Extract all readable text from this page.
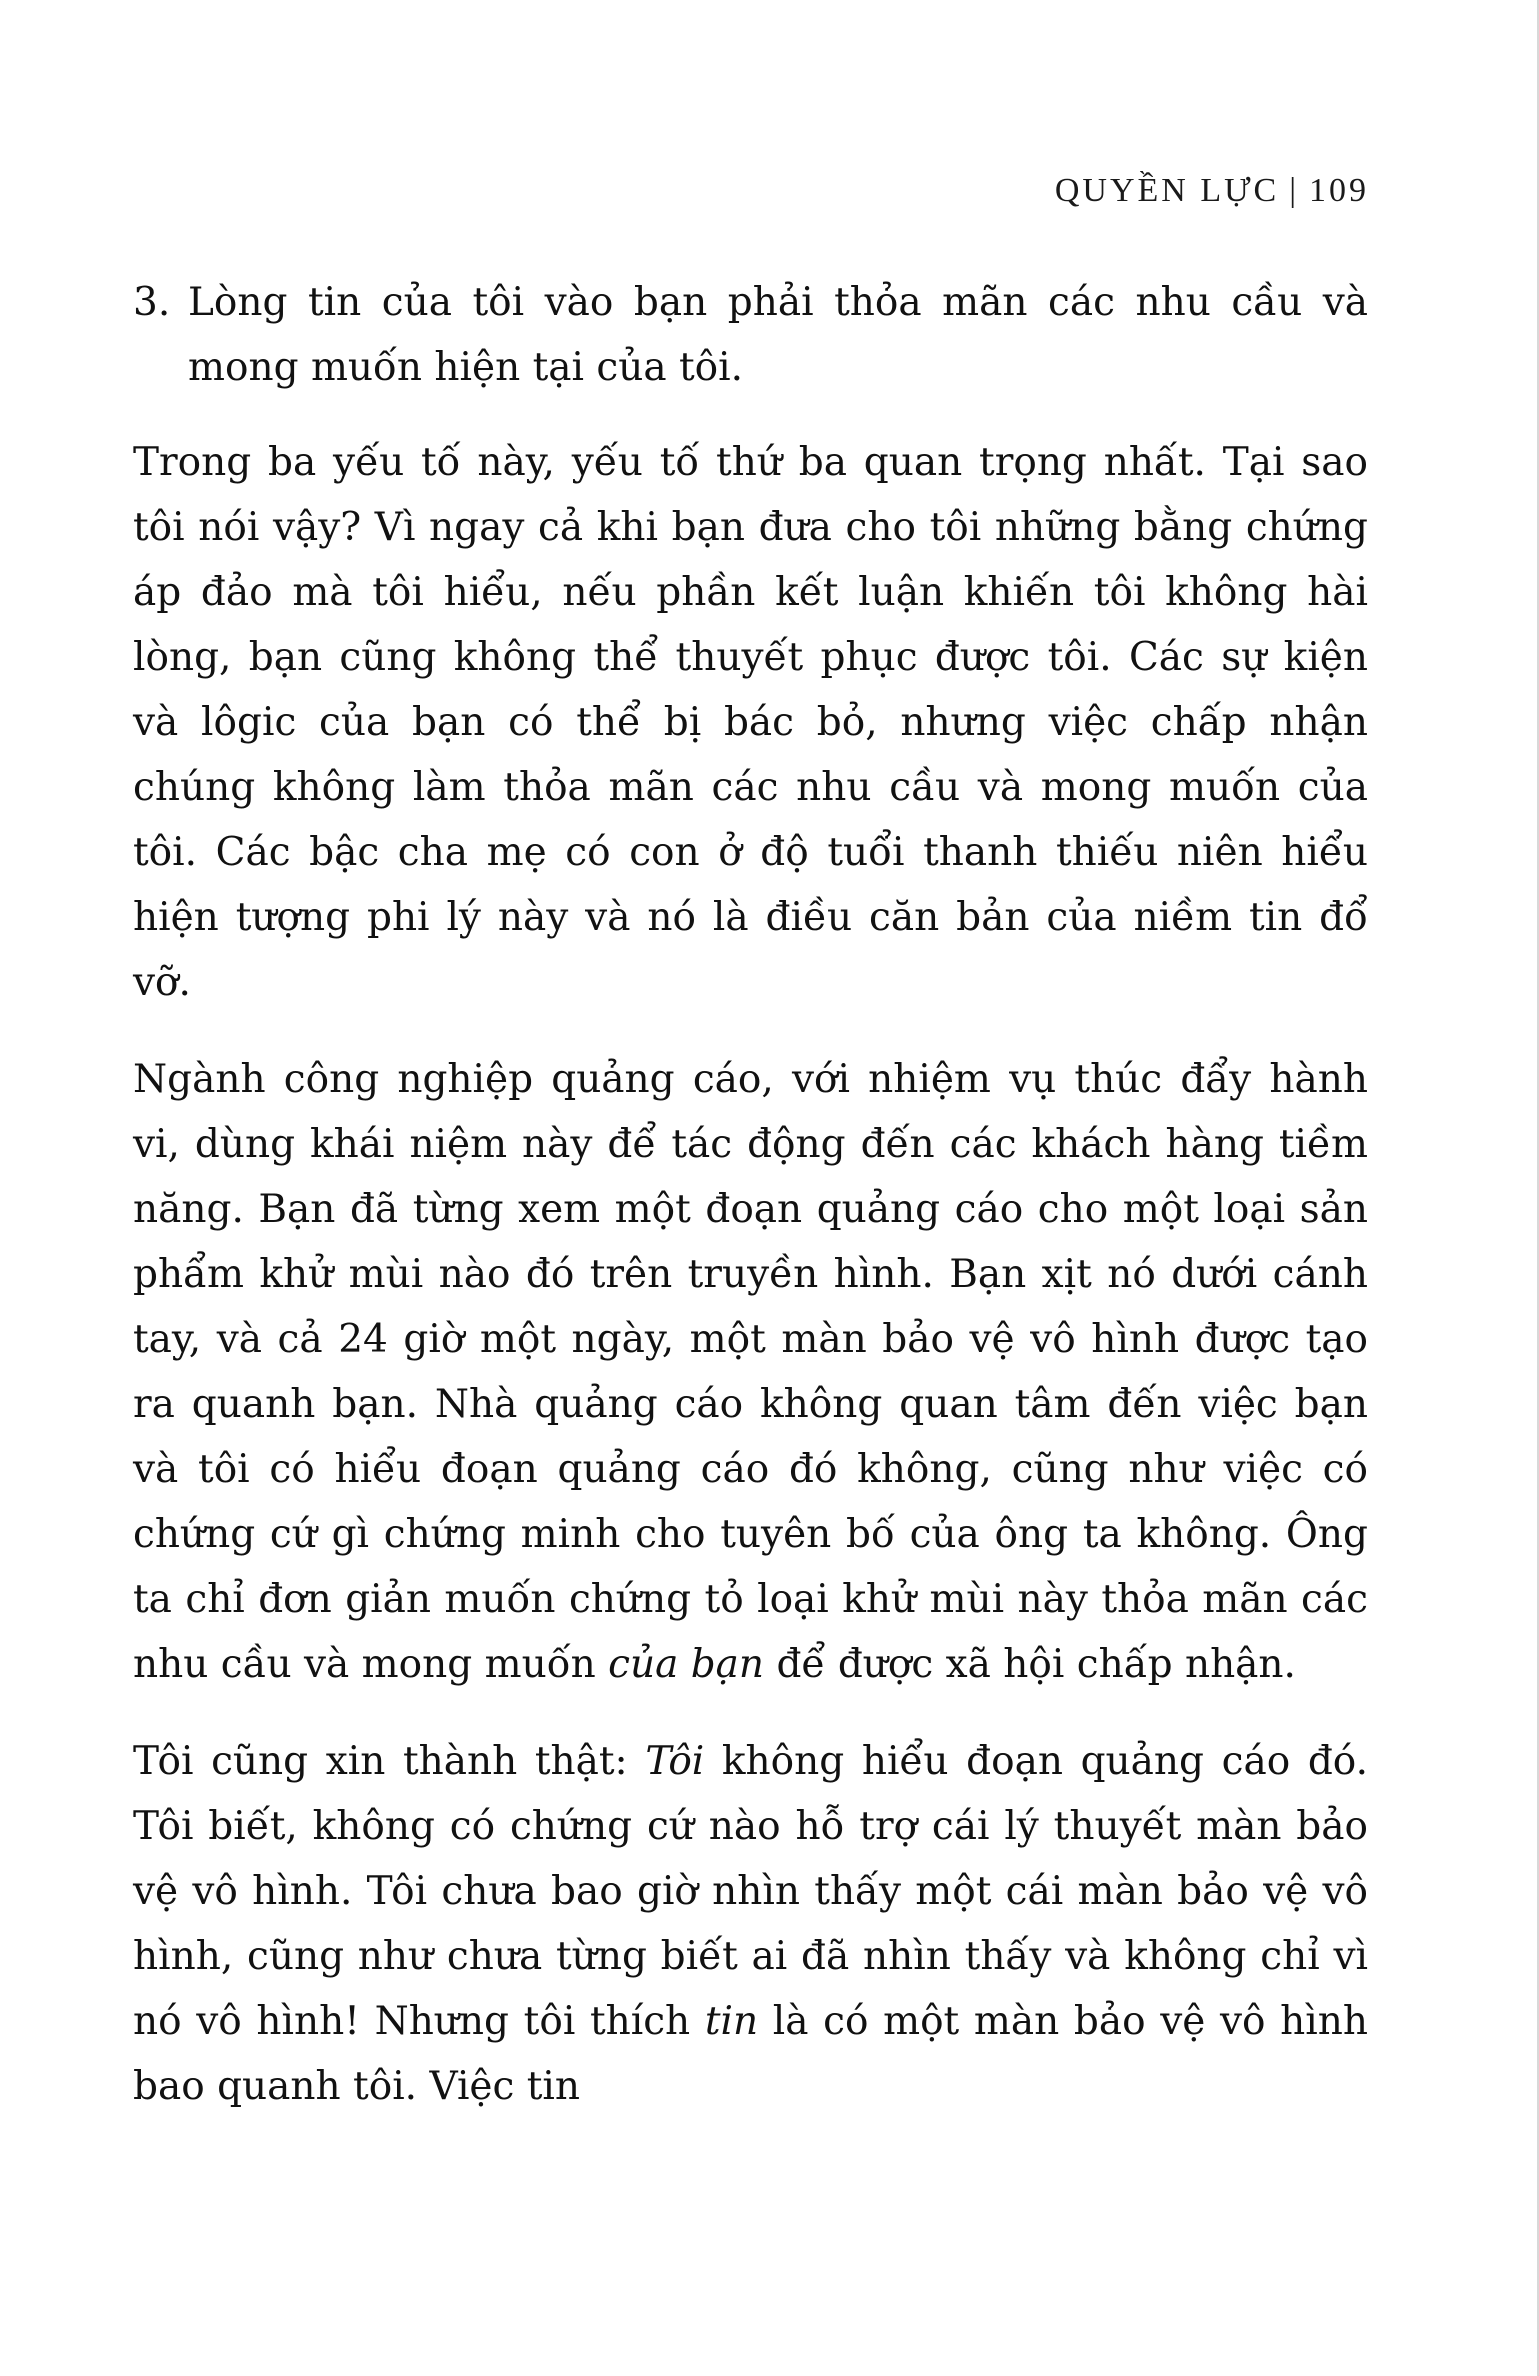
QUYỀN LỰC | 109
3. Lòng tin của tôi vào bạn phải thỏa mãn các nhu cầu và mong muốn hiện tại của tôi.

Trong ba yếu tố này, yếu tố thứ ba quan trọng nhất. Tại sao tôi nói vậy? Vì ngay cả khi bạn đưa cho tôi những bằng chứng áp đảo mà tôi hiểu, nếu phần kết luận khiến tôi không hài lòng, bạn cũng không thể thuyết phục được tôi. Các sự kiện và lôgic của bạn có thể bị bác bỏ, nhưng việc chấp nhận chúng không làm thỏa mãn các nhu cầu và mong muốn của tôi. Các bậc cha mẹ có con ở độ tuổi thanh thiếu niên hiểu hiện tượng phi lý này và nó là điều căn bản của niềm tin đổ vỡ.

Ngành công nghiệp quảng cáo, với nhiệm vụ thúc đẩy hành vi, dùng khái niệm này để tác động đến các khách hàng tiềm năng. Bạn đã từng xem một đoạn quảng cáo cho một loại sản phẩm khử mùi nào đó trên truyền hình. Bạn xịt nó dưới cánh tay, và cả 24 giờ một ngày, một màn bảo vệ vô hình được tạo ra quanh bạn. Nhà quảng cáo không quan tâm đến việc bạn và tôi có hiểu đoạn quảng cáo đó không, cũng như việc có chứng cứ gì chứng minh cho tuyên bố của ông ta không. Ông ta chỉ đơn giản muốn chứng tỏ loại khử mùi này thỏa mãn các nhu cầu và mong muốn của bạn để được xã hội chấp nhận.

Tôi cũng xin thành thật: Tôi không hiểu đoạn quảng cáo đó. Tôi biết, không có chứng cứ nào hỗ trợ cái lý thuyết màn bảo vệ vô hình. Tôi chưa bao giờ nhìn thấy một cái màn bảo vệ vô hình, cũng như chưa từng biết ai đã nhìn thấy và không chỉ vì nó vô hình! Nhưng tôi thích tin là có một màn bảo vệ vô hình bao quanh tôi. Việc tin
